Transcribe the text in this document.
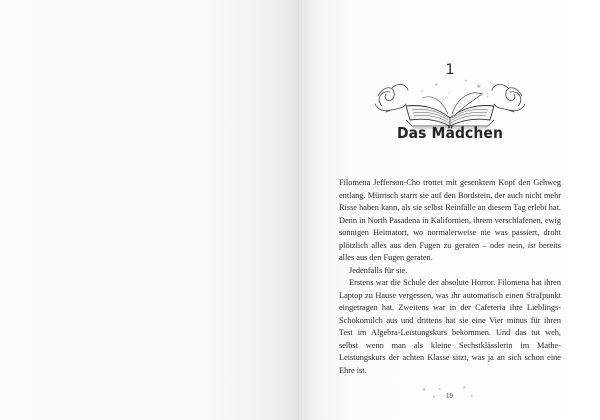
1
★
★
★
★	★
★
Das Mädchen

Filomena Jefferson-Cho trottet mit gesenktem Kopf den Gehweg entlang. Mürrisch starrt sie auf den Bordstein, der auch nicht mehr Risse haben kann, als sie selbst Reinfälle an diesem Tag erlebt hat. Denn in North Pasadena in Kalifornien, ihrem verschlafenen, ewig sonnigen Heimatort, wo normalerweise nie was passiert, droht plötzlich alles aus den Fugen zu geraten – oder nein, ist bereits alles aus den Fugen geraten.

Jedenfalls für sie.

Erstens war die Schule der absolute Horror. Filomena hat ihren Laptop zu Hause vergessen, was ihr automatisch einen Strafpunkt eingetragen hat. Zweitens war in der Cafeteria ihre Lieblings-Schokomilch aus und drittens hat sie eine Vier minus für ihren Test im Algebra-Leistungskurs bekommen. Und das tut weh, selbst wenn man als kleine Sechstklässlerin im Mathe-Leistungskurs der achten Klasse sitzt, was ja an sich schon eine Ehre ist.

★
★
★
19
★
★
